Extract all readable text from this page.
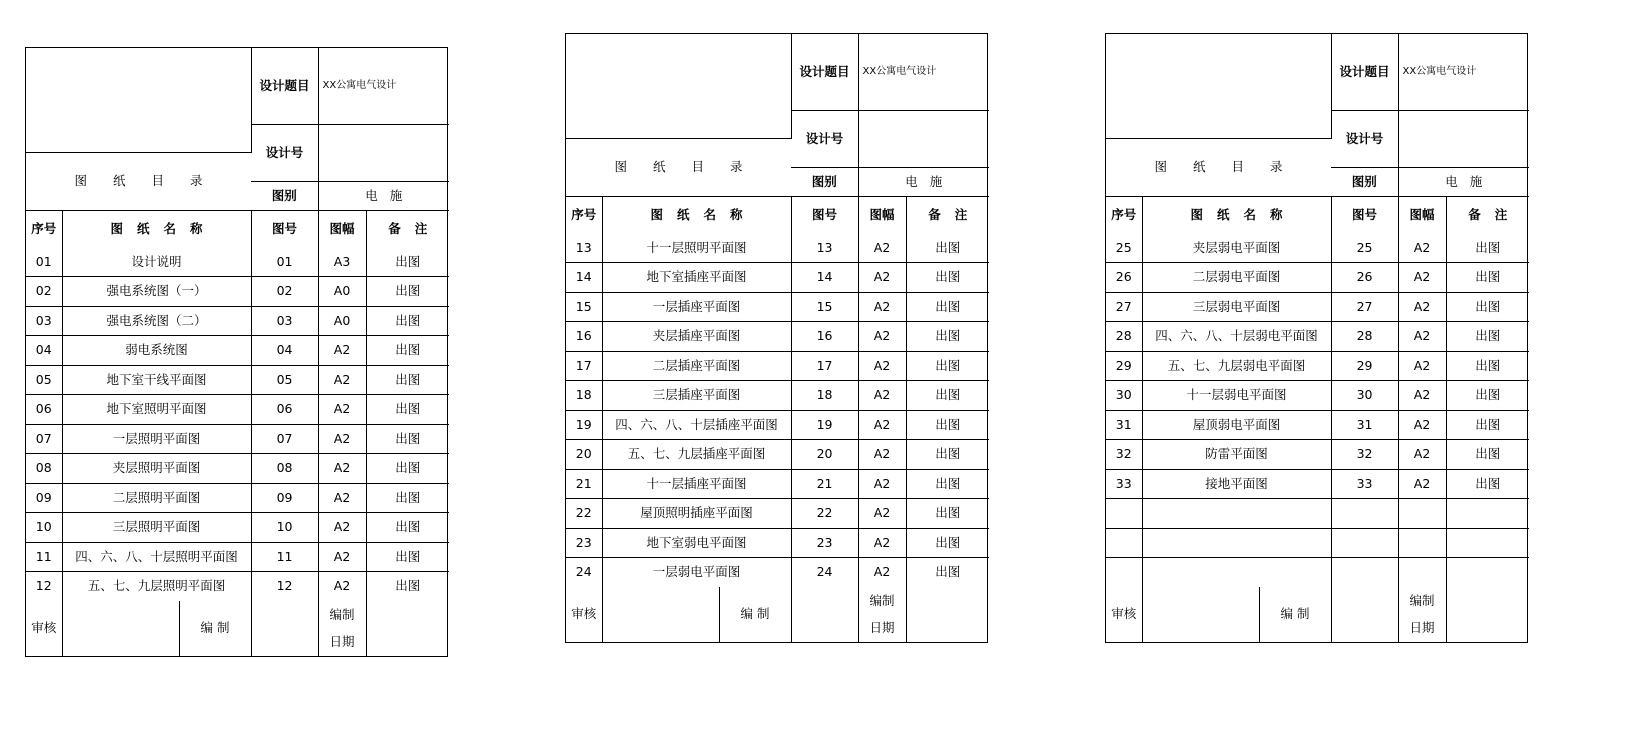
			设计题目	XX公寓电气设计	
			设计号		
图纸目录					
			图别	电施	
序号	图纸名称		图号	图幅	备注
01	设计说明		01	A3	出图
02	强电系统图（一）		02	A0	出图
03	强电系统图（二）		03	A0	出图
04	弱电系统图		04	A2	出图
05	地下室干线平面图		05	A2	出图
06	地下室照明平面图		06	A2	出图
07	一层照明平面图		07	A2	出图
08	夹层照明平面图		08	A2	出图
09	二层照明平面图		09	A2	出图
10	三层照明平面图		10	A2	出图
11	四、六、八、十层照明平面图		11	A2	出图
12	五、七、九层照明平面图		12	A2	出图
审核		编 制		编制
日期	

			设计题目	XX公寓电气设计	
			设计号		
图纸目录					
			图别	电施	
序号	图纸名称		图号	图幅	备注
13	十一层照明平面图		13	A2	出图
14	地下室插座平面图		14	A2	出图
15	一层插座平面图		15	A2	出图
16	夹层插座平面图		16	A2	出图
17	二层插座平面图		17	A2	出图
18	三层插座平面图		18	A2	出图
19	四、六、八、十层插座平面图		19	A2	出图
20	五、七、九层插座平面图		20	A2	出图
21	十一层插座平面图		21	A2	出图
22	屋顶照明插座平面图		22	A2	出图
23	地下室弱电平面图		23	A2	出图
24	一层弱电平面图		24	A2	出图
审核		编 制		编制
日期	

			设计题目	XX公寓电气设计	
			设计号		
图纸目录					
			图别	电施	
序号	图纸名称		图号	图幅	备注
25	夹层弱电平面图		25	A2	出图
26	二层弱电平面图		26	A2	出图
27	三层弱电平面图		27	A2	出图
28	四、六、八、十层弱电平面图		28	A2	出图
29	五、七、九层弱电平面图		29	A2	出图
30	十一层弱电平面图		30	A2	出图
31	屋顶弱电平面图		31	A2	出图
32	防雷平面图		32	A2	出图
33	接地平面图		33	A2	出图

审核		编 制		编制
日期	
